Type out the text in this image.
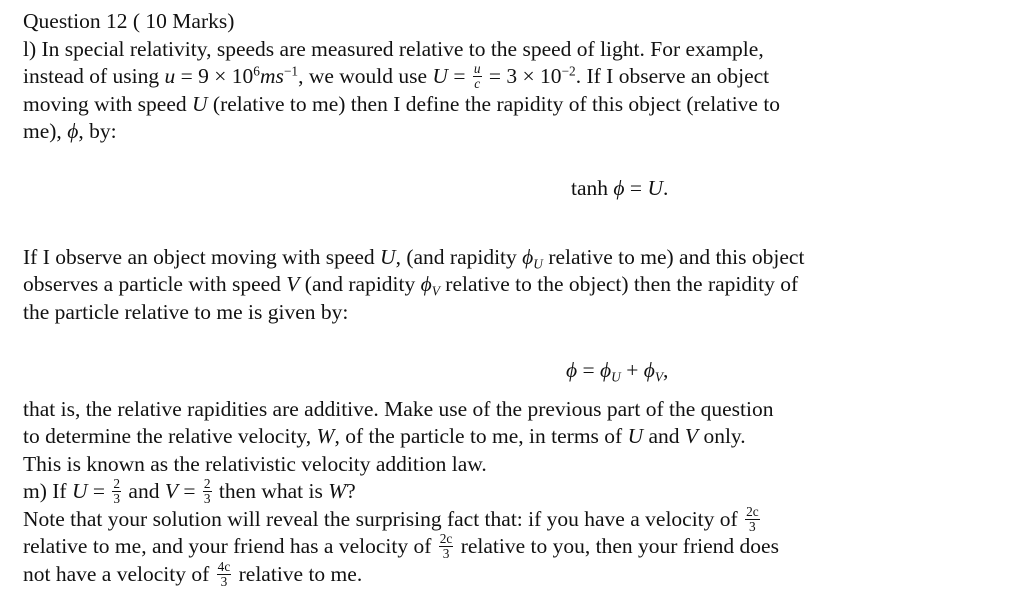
Question 12 ( 10 Marks)
l) In special relativity, speeds are measured relative to the speed of light. For example,
instead of using $u = 9 \times 10^6ms^{-1}$, we would use $U = \frac{u}{c} = 3 \times 10^{-2}$. If I observe an object
moving with speed U (relative to me) then I define the rapidity of this object (relative to
me), ϕ, by:
tanh ϕ = U.
If I observe an object moving with speed U, (and rapidity $\phi_U$ relative to me) and this object
observes a particle with speed V (and rapidity $\phi_V$ relative to the object) then the rapidity of
the particle relative to me is given by:
$\phi = \phi_U + \phi_V$,
that is, the relative rapidities are additive. Make use of the previous part of the question
to determine the relative velocity, W, of the particle to me, in terms of U and V only.
This is known as the relativistic velocity addition law.
m) If $U = \frac{2}{3}$ and $V = \frac{2}{3}$ then what is W?
Note that your solution will reveal the surprising fact that: if you have a velocity of $\frac{2c}{3}$
relative to me, and your friend has a velocity of $\frac{2c}{3}$ relative to you, then your friend does
not have a velocity of $\frac{4c}{3}$ relative to me.
